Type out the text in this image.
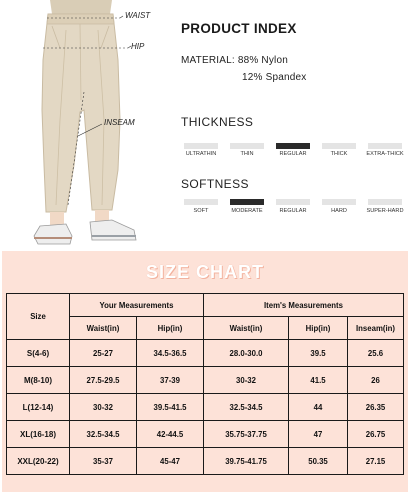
WAIST
HIP
INSEAM
PRODUCT INDEX
MATERIAL: 88% Nylon
12% Spandex
THICKNESS
ULTRATHIN	THIN	REGULAR	THICK	EXTRA-THICK
SOFTNESS
SOFT	MODERATE	REGULAR	HARD	SUPER-HARD
SIZE CHART
Size	Your Measurements		Item's Measurements		
	Waist(in)	Hip(in)	Waist(in)	Hip(in)	Inseam(in)
S(4-6)	25-27	34.5-36.5	28.0-30.0	39.5	25.6
M(8-10)	27.5-29.5	37-39	30-32	41.5	26
L(12-14)	30-32	39.5-41.5	32.5-34.5	44	26.35
XL(16-18)	32.5-34.5	42-44.5	35.75-37.75	47	26.75
XXL(20-22)	35-37	45-47	39.75-41.75	50.35	27.15
